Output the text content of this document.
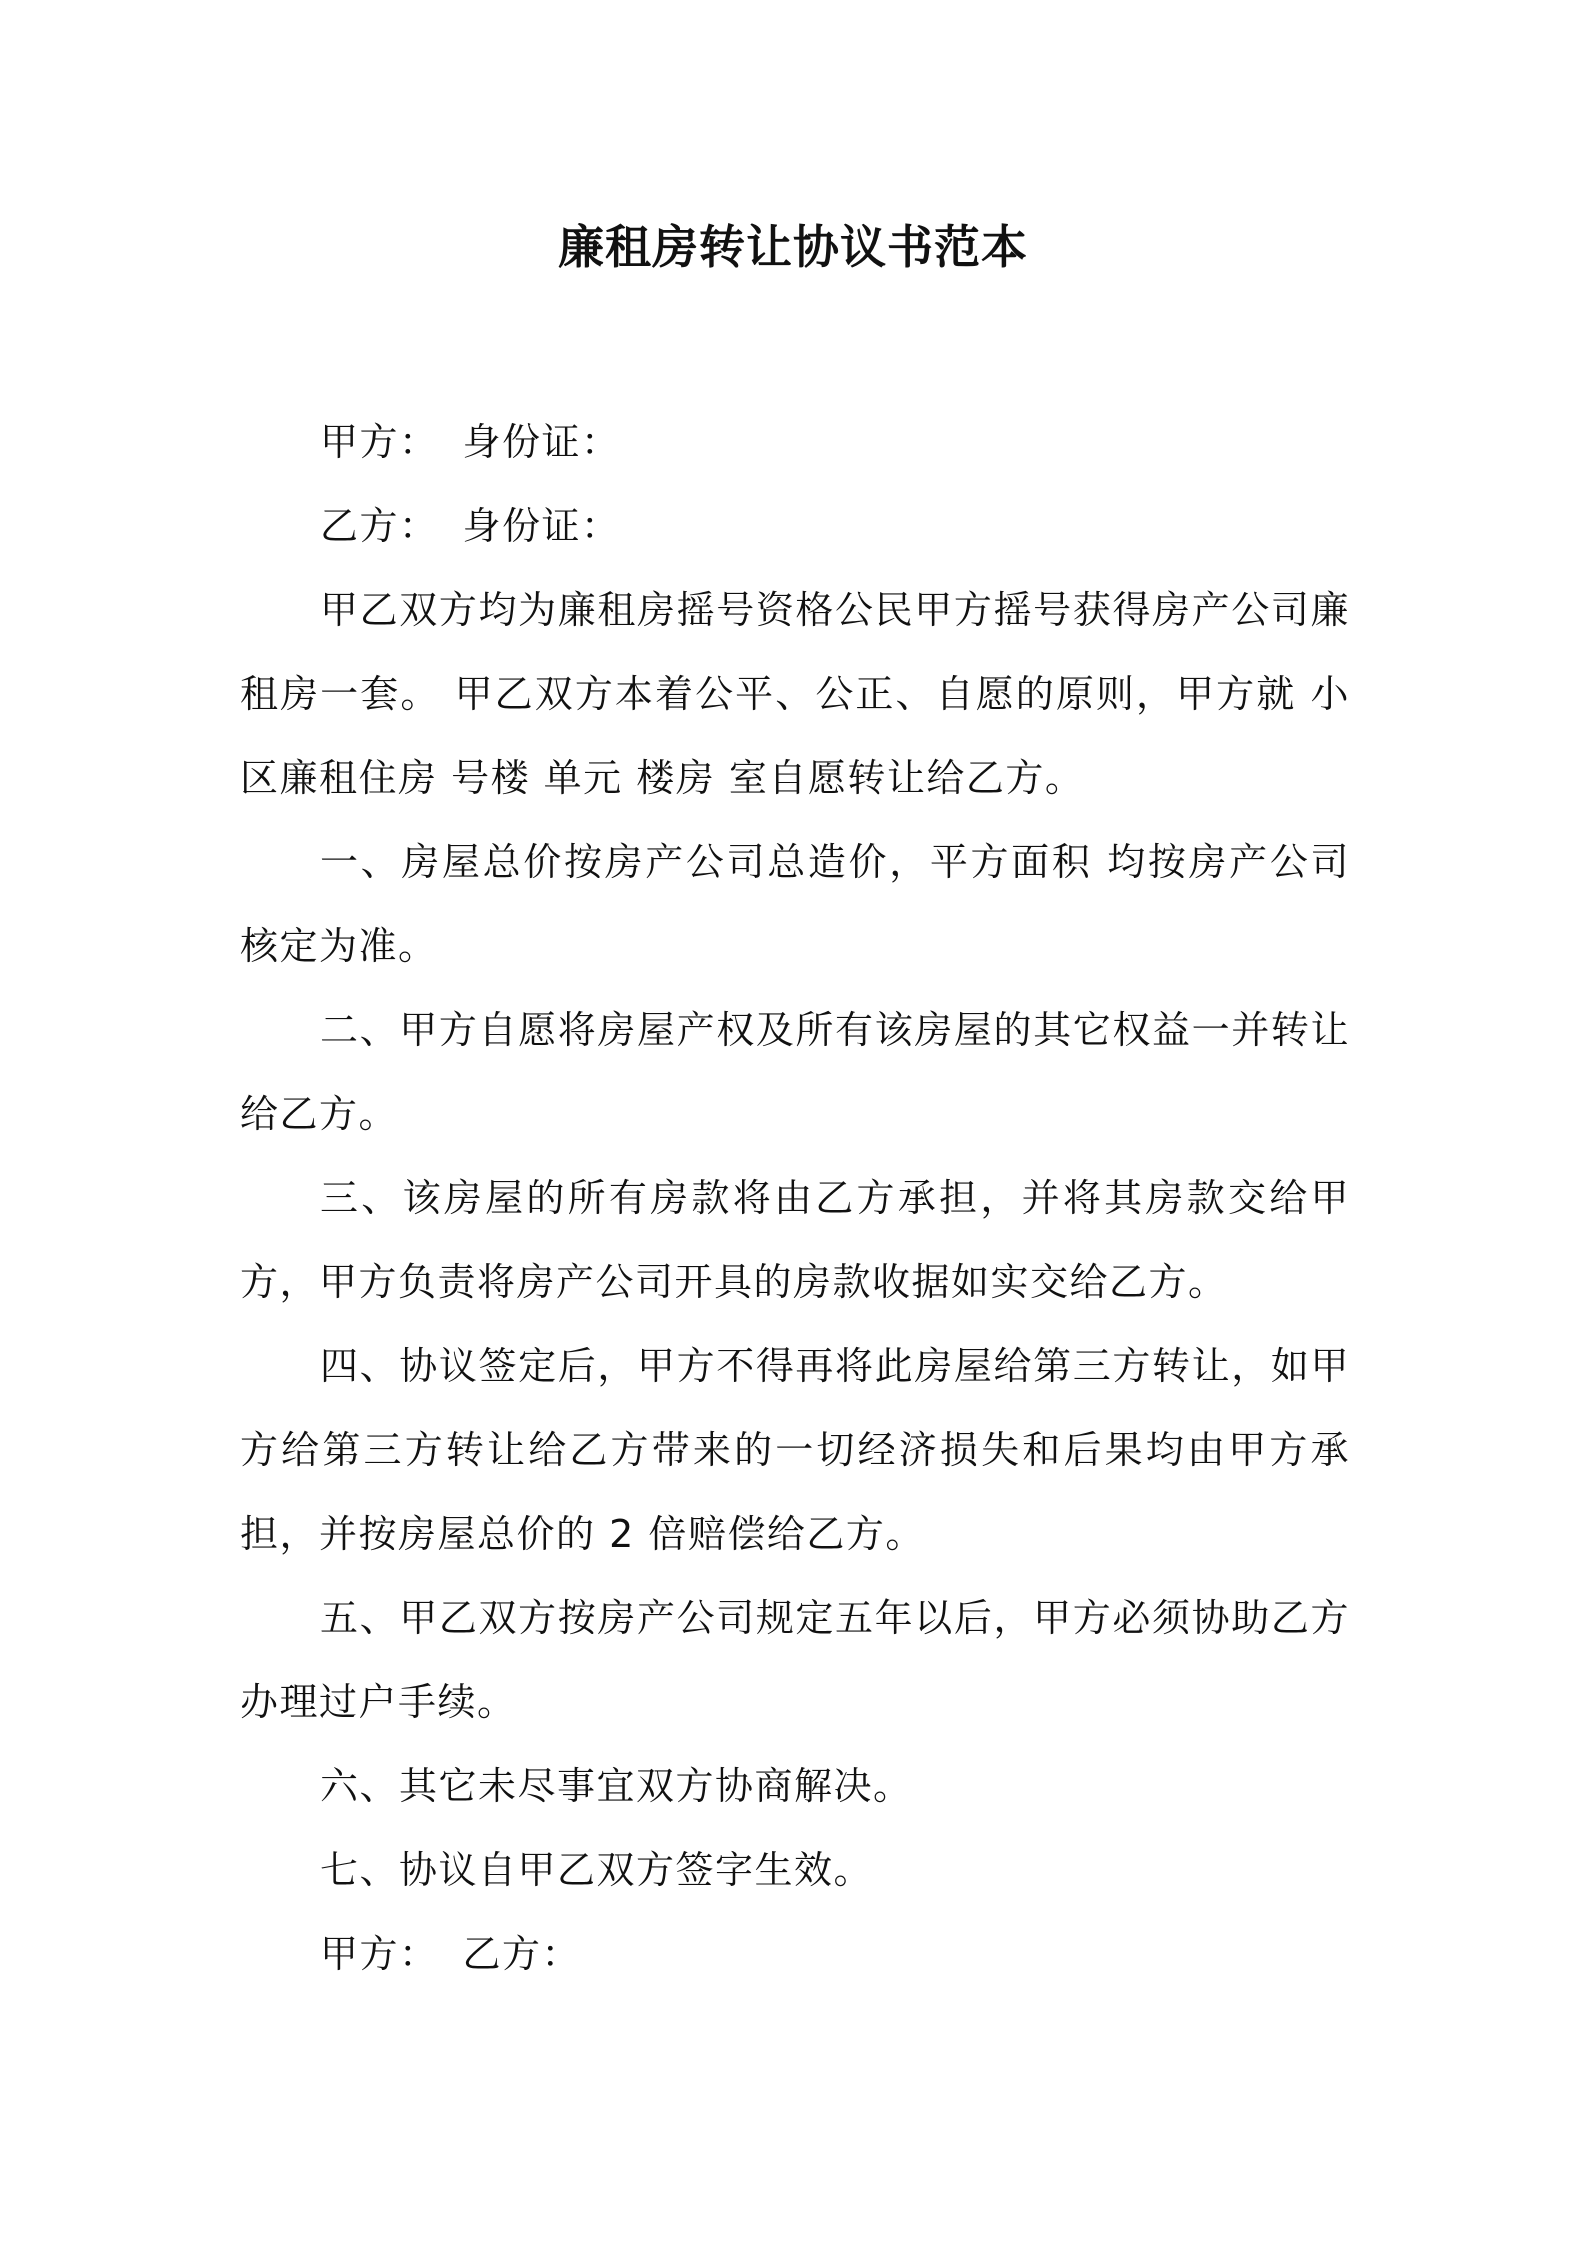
廉租房转让协议书范本

甲方： 身份证：

乙方： 身份证：

甲乙双方均为廉租房摇号资格公民甲方摇号获得房产公司廉租房一套。 甲乙双方本着公平、公正、自愿的原则，甲方就 小区廉租住房 号楼 单元 楼房 室自愿转让给乙方。

一、房屋总价按房产公司总造价，平方面积 均按房产公司核定为准。

二、甲方自愿将房屋产权及所有该房屋的其它权益一并转让给乙方。

三、该房屋的所有房款将由乙方承担，并将其房款交给甲方，甲方负责将房产公司开具的房款收据如实交给乙方。

四、协议签定后，甲方不得再将此房屋给第三方转让，如甲方给第三方转让给乙方带来的一切经济损失和后果均由甲方承担，并按房屋总价的 2 倍赔偿给乙方。

五、甲乙双方按房产公司规定五年以后，甲方必须协助乙方办理过户手续。

六、其它未尽事宜双方协商解决。

七、协议自甲乙双方签字生效。

甲方： 乙方：
